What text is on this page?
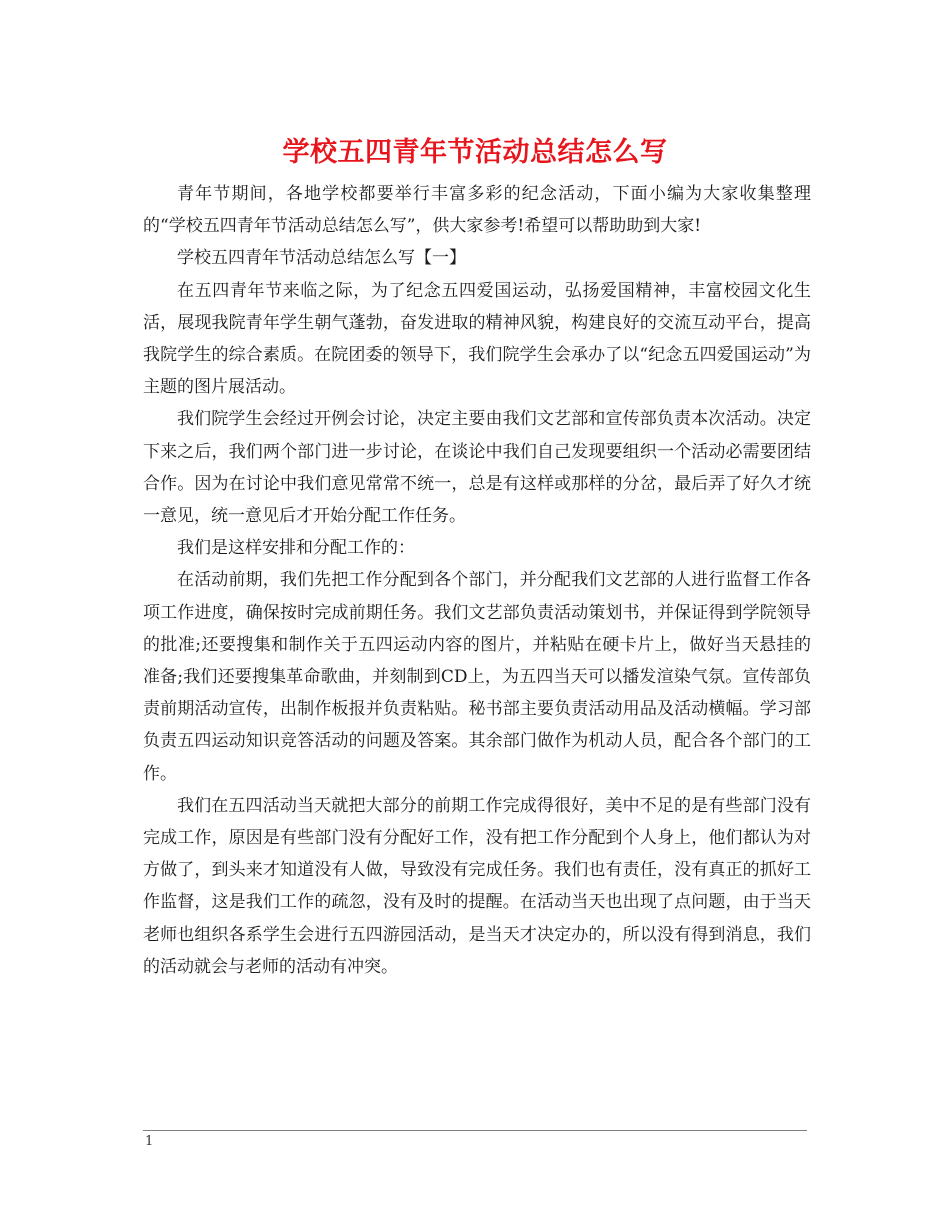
学校五四青年节活动总结怎么写

青年节期间，各地学校都要举行丰富多彩的纪念活动，下面小编为大家收集整理的“学校五四青年节活动总结怎么写”，供大家参考!希望可以帮助助到大家!

学校五四青年节活动总结怎么写【一】

在五四青年节来临之际，为了纪念五四爱国运动，弘扬爱国精神，丰富校园文化生活，展现我院青年学生朝气蓬勃，奋发进取的精神风貌，构建良好的交流互动平台，提高我院学生的综合素质。在院团委的领导下，我们院学生会承办了以“纪念五四爱国运动”为主题的图片展活动。

我们院学生会经过开例会讨论，决定主要由我们文艺部和宣传部负责本次活动。决定下来之后，我们两个部门进一步讨论，在谈论中我们自己发现要组织一个活动必需要团结合作。因为在讨论中我们意见常常不统一，总是有这样或那样的分岔，最后弄了好久才统一意见，统一意见后才开始分配工作任务。

我们是这样安排和分配工作的：

在活动前期，我们先把工作分配到各个部门，并分配我们文艺部的人进行监督工作各项工作进度，确保按时完成前期任务。我们文艺部负责活动策划书，并保证得到学院领导的批准;还要搜集和制作关于五四运动内容的图片，并粘贴在硬卡片上，做好当天悬挂的准备;我们还要搜集革命歌曲，并刻制到CD上，为五四当天可以播发渲染气氛。宣传部负责前期活动宣传，出制作板报并负责粘贴。秘书部主要负责活动用品及活动横幅。学习部负责五四运动知识竞答活动的问题及答案。其余部门做作为机动人员，配合各个部门的工作。

我们在五四活动当天就把大部分的前期工作完成得很好，美中不足的是有些部门没有完成工作，原因是有些部门没有分配好工作，没有把工作分配到个人身上，他们都认为对方做了，到头来才知道没有人做，导致没有完成任务。我们也有责任，没有真正的抓好工作监督，这是我们工作的疏忽，没有及时的提醒。在活动当天也出现了点问题，由于当天老师也组织各系学生会进行五四游园活动，是当天才决定办的，所以没有得到消息，我们的活动就会与老师的活动有冲突。

1
